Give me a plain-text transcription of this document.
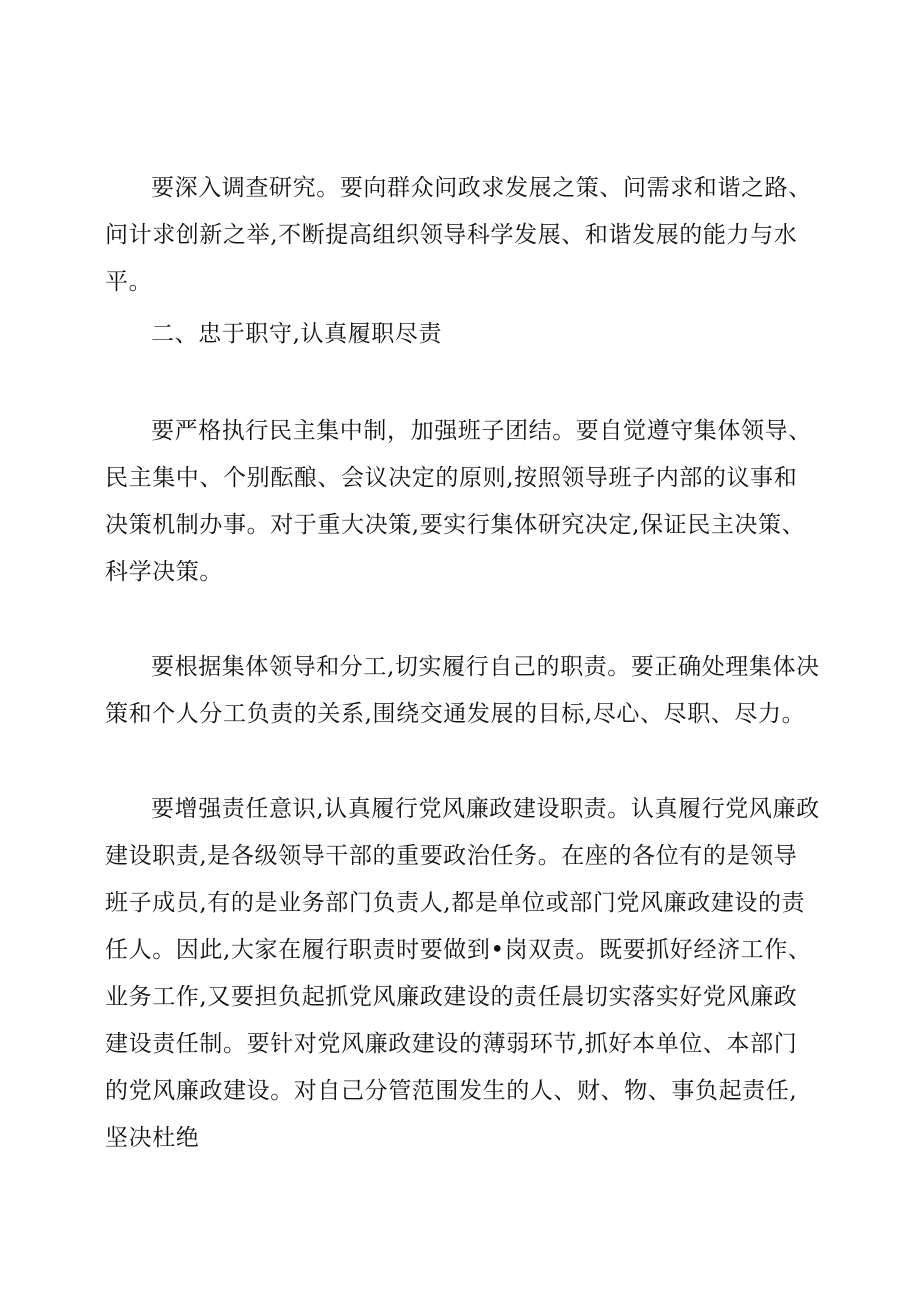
要深入调查研究。要向群众问政求发展之策、问需求和谐之路、问计求创新之举,不断提高组织领导科学发展、和谐发展的能力与水平。

二、忠于职守,认真履职尽责

要严格执行民主集中制，加强班子团结。要自觉遵守集体领导、民主集中、个别酝酿、会议决定的原则,按照领导班子内部的议事和决策机制办事。对于重大决策,要实行集体研究决定,保证民主决策、科学决策。

要根据集体领导和分工,切实履行自己的职责。要正确处理集体决策和个人分工负责的关系,围绕交通发展的目标,尽心、尽职、尽力。

要增强责任意识,认真履行党风廉政建设职责。认真履行党风廉政建设职责,是各级领导干部的重要政治任务。在座的各位有的是领导班子成员,有的是业务部门负责人,都是单位或部门党风廉政建设的责任人。因此,大家在履行职责时要做到•岗双责。既要抓好经济工作、业务工作,又要担负起抓党风廉政建设的责任晨切实落实好党风廉政建设责任制。要针对党风廉政建设的薄弱环节,抓好本单位、本部门的党风廉政建设。对自己分管范围发生的人、财、物、事负起责任,坚决杜绝
